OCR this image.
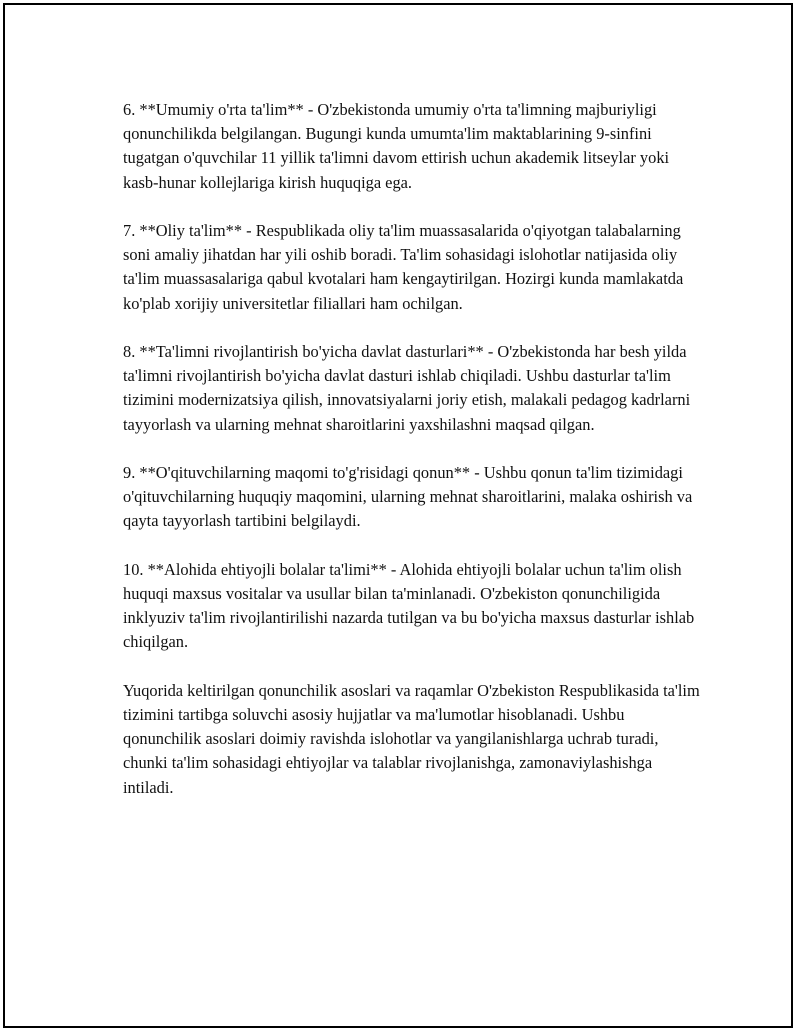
6. **Umumiy o'rta ta'lim** - O'zbekistonda umumiy o'rta ta'limning majburiyligi qonunchilikda belgilangan. Bugungi kunda umumta'lim maktablarining 9-sinfini tugatgan o'quvchilar 11 yillik ta'limni davom ettirish uchun akademik litseylar yoki kasb-hunar kollejlariga kirish huquqiga ega.

7. **Oliy ta'lim** - Respublikada oliy ta'lim muassasalarida o'qiyotgan talabalarning soni amaliy jihatdan har yili oshib boradi. Ta'lim sohasidagi islohotlar natijasida oliy ta'lim muassasalariga qabul kvotalari ham kengaytirilgan. Hozirgi kunda mamlakatda ko'plab xorijiy universitetlar filiallari ham ochilgan.

8. **Ta'limni rivojlantirish bo'yicha davlat dasturlari** - O'zbekistonda har besh yilda ta'limni rivojlantirish bo'yicha davlat dasturi ishlab chiqiladi. Ushbu dasturlar ta'lim tizimini modernizatsiya qilish, innovatsiyalarni joriy etish, malakali pedagog kadrlarni tayyorlash va ularning mehnat sharoitlarini yaxshilashni maqsad qilgan.

9. **O'qituvchilarning maqomi to'g'risidagi qonun** - Ushbu qonun ta'lim tizimidagi o'qituvchilarning huquqiy maqomini, ularning mehnat sharoitlarini, malaka oshirish va qayta tayyorlash tartibini belgilaydi.

10. **Alohida ehtiyojli bolalar ta'limi** - Alohida ehtiyojli bolalar uchun ta'lim olish huquqi maxsus vositalar va usullar bilan ta'minlanadi. O'zbekiston qonunchiligida inklyuziv ta'lim rivojlantirilishi nazarda tutilgan va bu bo'yicha maxsus dasturlar ishlab chiqilgan.

Yuqorida keltirilgan qonunchilik asoslari va raqamlar O'zbekiston Respublikasida ta'lim tizimini tartibga soluvchi asosiy hujjatlar va ma'lumotlar hisoblanadi. Ushbu qonunchilik asoslari doimiy ravishda islohotlar va yangilanishlarga uchrab turadi, chunki ta'lim sohasidagi ehtiyojlar va talablar rivojlanishga, zamonaviylashishga intiladi.
